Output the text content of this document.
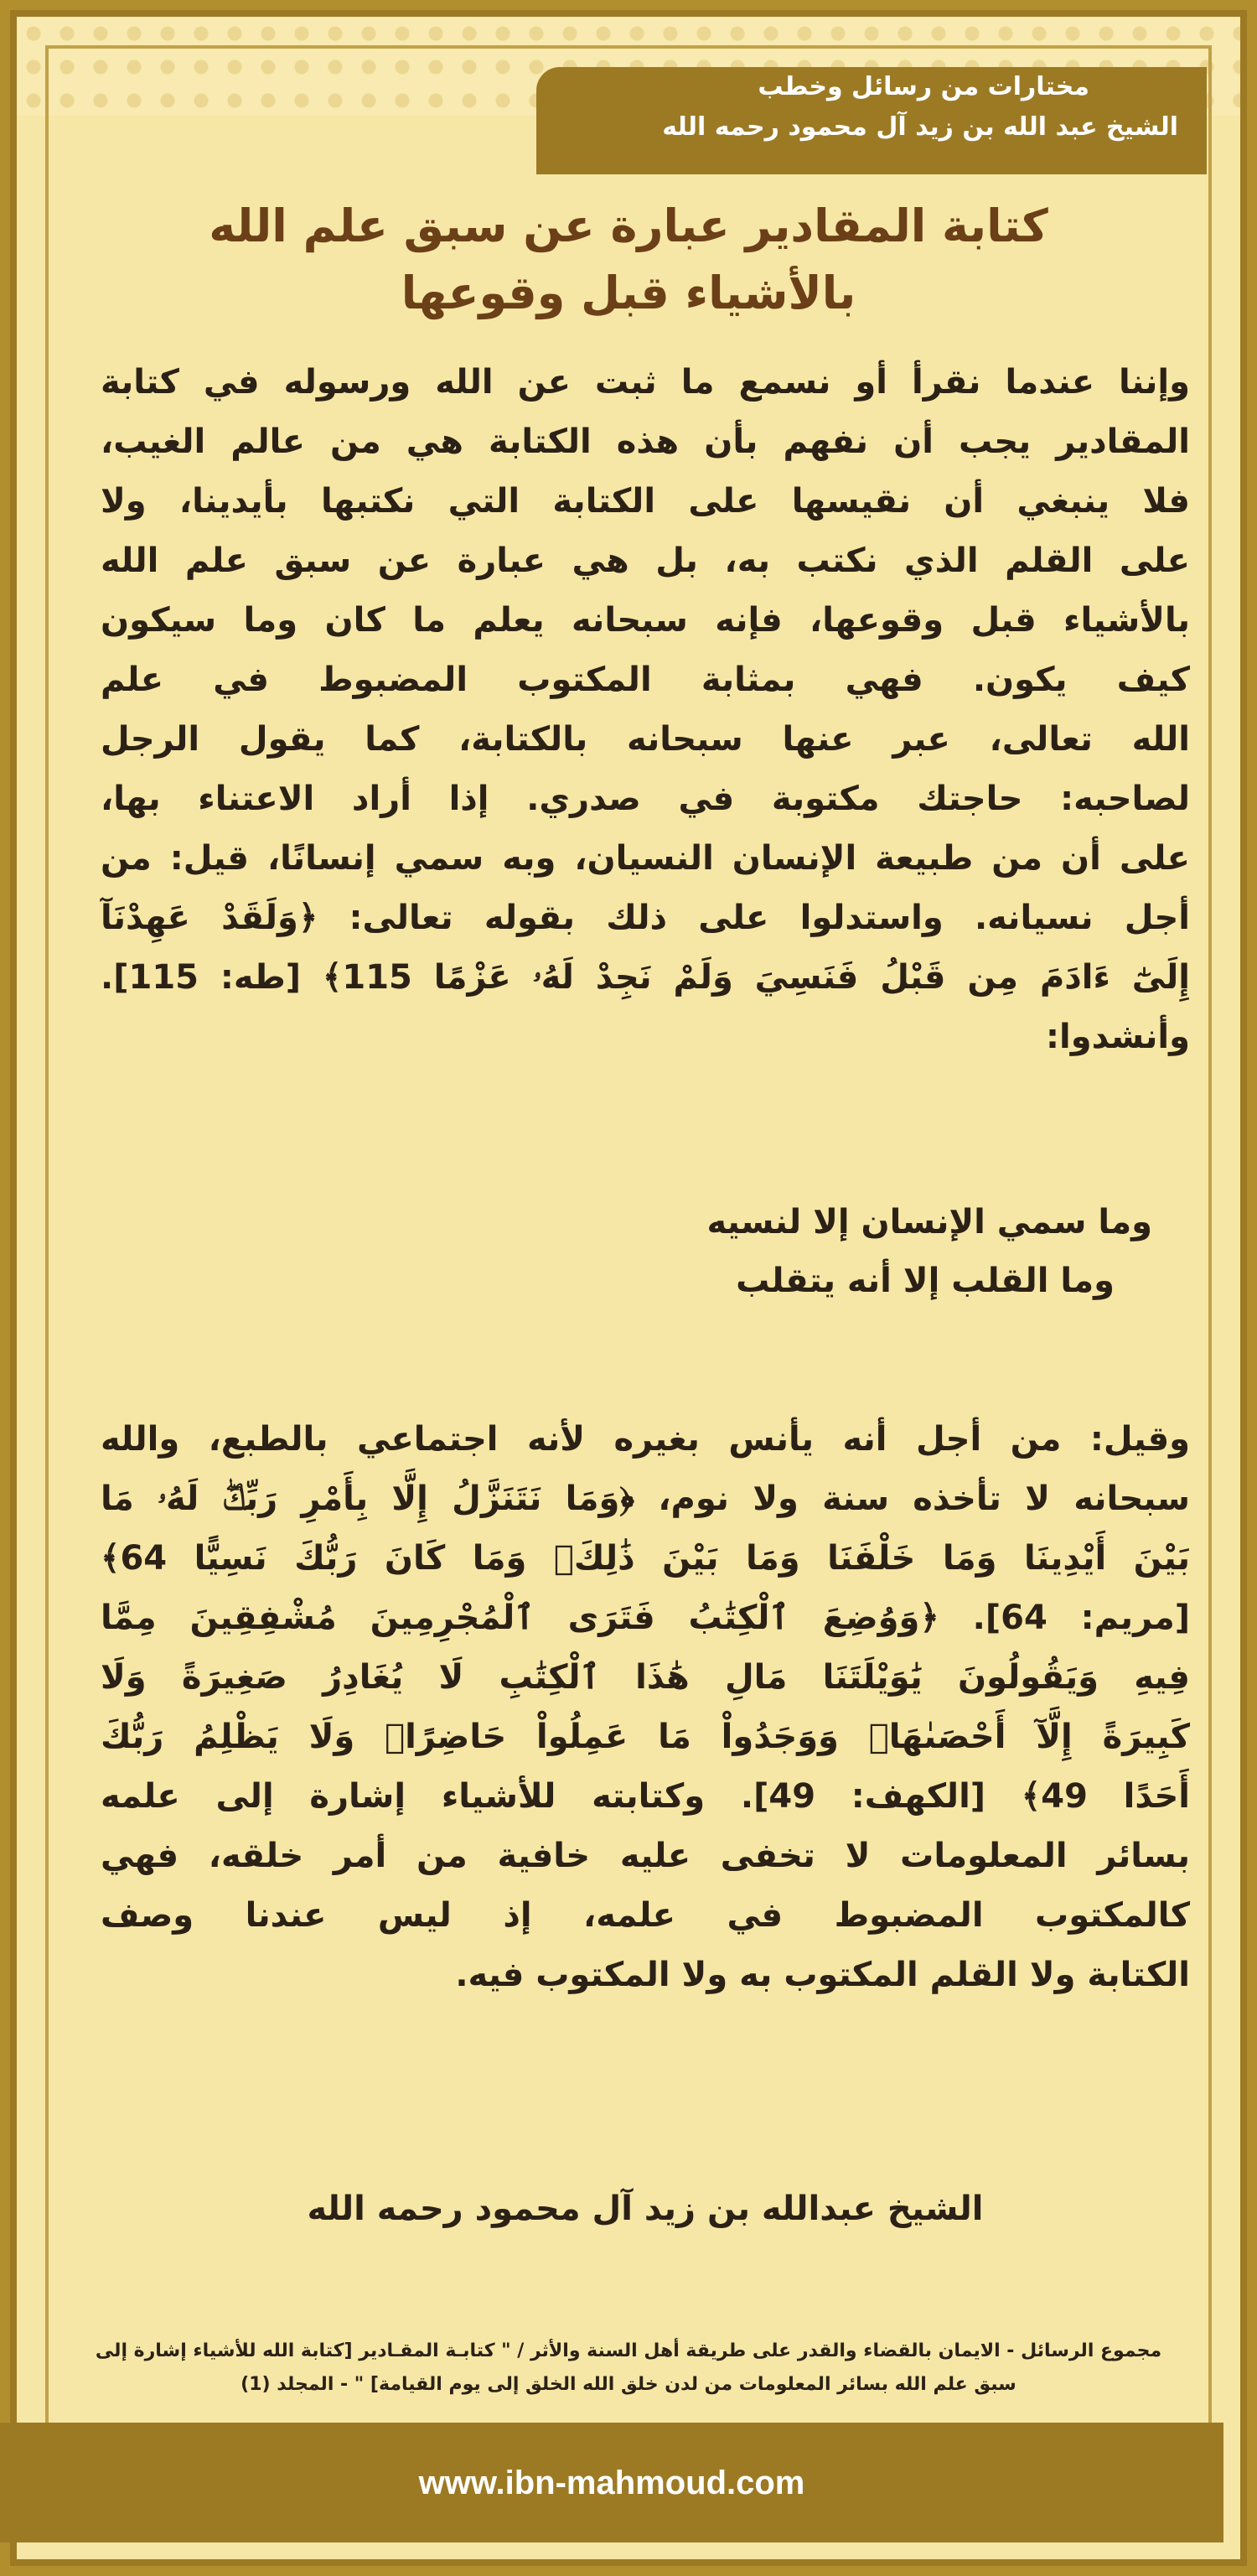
مختارات من رسائل وخطب
الشيخ عبد الله بن زيد آل محمود رحمه الله
كتابة المقادير عبارة عن سبق علم الله
بالأشياء قبل وقوعها
وإننا عندما نقرأ أو نسمع ما ثبت عن الله ورسوله في كتابة
المقادير يجب أن نفهم بأن هذه الكتابة هي من عالم الغيب،
فلا ينبغي أن نقيسها على الكتابة التي نكتبها بأيدينا، ولا
على القلم الذي نكتب به، بل هي عبارة عن سبق علم الله
بالأشياء قبل وقوعها، فإنه سبحانه يعلم ما كان وما سيكون
كيف يكون. فهي بمثابة المكتوب المضبوط في علم
الله تعالى، عبر عنها سبحانه بالكتابة، كما يقول الرجل
لصاحبه: حاجتك مكتوبة في صدري. إذا أراد الاعتناء بها،
على أن من طبيعة الإنسان النسيان، وبه سمي إنسانًا، قيل: من
أجل نسيانه. واستدلوا على ذلك بقوله تعالى: ﴿وَلَقَدْ عَهِدْنَآ
إِلَىٰٓ ءَادَمَ مِن قَبْلُ فَنَسِيَ وَلَمْ نَجِدْ لَهُۥ عَزْمًا 115﴾ [طه: 115].
وأنشدوا:
وما سمي الإنسان إلا لنسيه
وما القلب إلا أنه يتقلب
وقيل: من أجل أنه يأنس بغيره لأنه اجتماعي بالطبع، والله
سبحانه لا تأخذه سنة ولا نوم، ﴿وَمَا نَتَنَزَّلُ إِلَّا بِأَمْرِ رَبِّكَۖ لَهُۥ مَا
بَيْنَ أَيْدِينَا وَمَا خَلْفَنَا وَمَا بَيْنَ ذَٰلِكَۚ وَمَا كَانَ رَبُّكَ نَسِيًّا 64﴾
[مريم: 64]. ﴿وَوُضِعَ ٱلْكِتَٰبُ فَتَرَى ٱلْمُجْرِمِينَ مُشْفِقِينَ مِمَّا
فِيهِ وَيَقُولُونَ يَٰوَيْلَتَنَا مَالِ هَٰذَا ٱلْكِتَٰبِ لَا يُغَادِرُ صَغِيرَةً وَلَا
كَبِيرَةً إِلَّآ أَحْصَىٰهَاۚ وَوَجَدُواْ مَا عَمِلُواْ حَاضِرًاۗ وَلَا يَظْلِمُ رَبُّكَ
أَحَدًا 49﴾ [الكهف: 49]. وكتابته للأشياء إشارة إلى علمه
بسائر المعلومات لا تخفى عليه خافية من أمر خلقه، فهي
كالمكتوب المضبوط في علمه، إذ ليس عندنا وصف
الكتابة ولا القلم المكتوب به ولا المكتوب فيه.
الشيخ عبدالله بن زيد آل محمود رحمه الله
مجموع الرسائل - الايمان بالقضاء والقدر على طريقة أهل السنة والأثر / " كتابـة المقـادير [كتابة الله للأشياء إشارة إلى
سبق علم الله بسائر المعلومات من لدن خلق الله الخلق إلى يوم القيامة] " - المجلد (1)
www.ibn-mahmoud.com
